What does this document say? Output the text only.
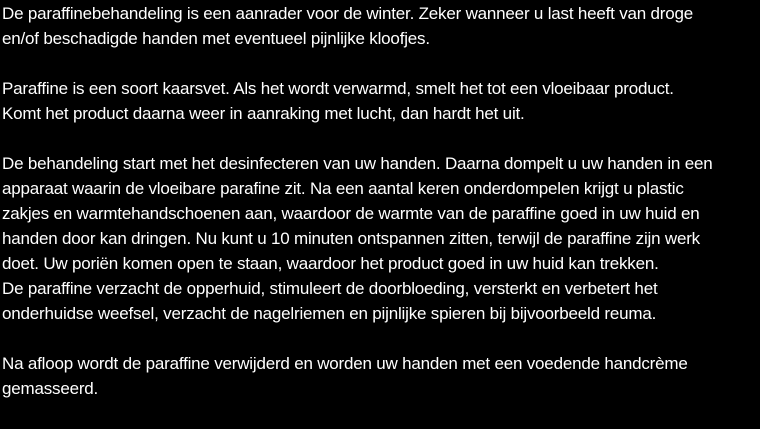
De paraffinebehandeling is een aanrader voor de winter. Zeker wanneer u last heeft van droge
en/of beschadigde handen met eventueel pijnlijke kloofjes.

Paraffine is een soort kaarsvet. Als het wordt verwarmd, smelt het tot een vloeibaar product.
Komt het product daarna weer in aanraking met lucht, dan hardt het uit.

De behandeling start met het desinfecteren van uw handen. Daarna dompelt u uw handen in een
apparaat waarin de vloeibare parafine zit. Na een aantal keren onderdompelen krijgt u plastic
zakjes en warmtehandschoenen aan, waardoor de warmte van de paraffine goed in uw huid en
handen door kan dringen. Nu kunt u 10 minuten ontspannen zitten, terwijl de paraffine zijn werk
doet. Uw poriën komen open te staan, waardoor het product goed in uw huid kan trekken.
De paraffine verzacht de opperhuid, stimuleert de doorbloeding, versterkt en verbetert het
onderhuidse weefsel, verzacht de nagelriemen en pijnlijke spieren bij bijvoorbeeld reuma.

Na afloop wordt de paraffine verwijderd en worden uw handen met een voedende handcrème
gemasseerd.
